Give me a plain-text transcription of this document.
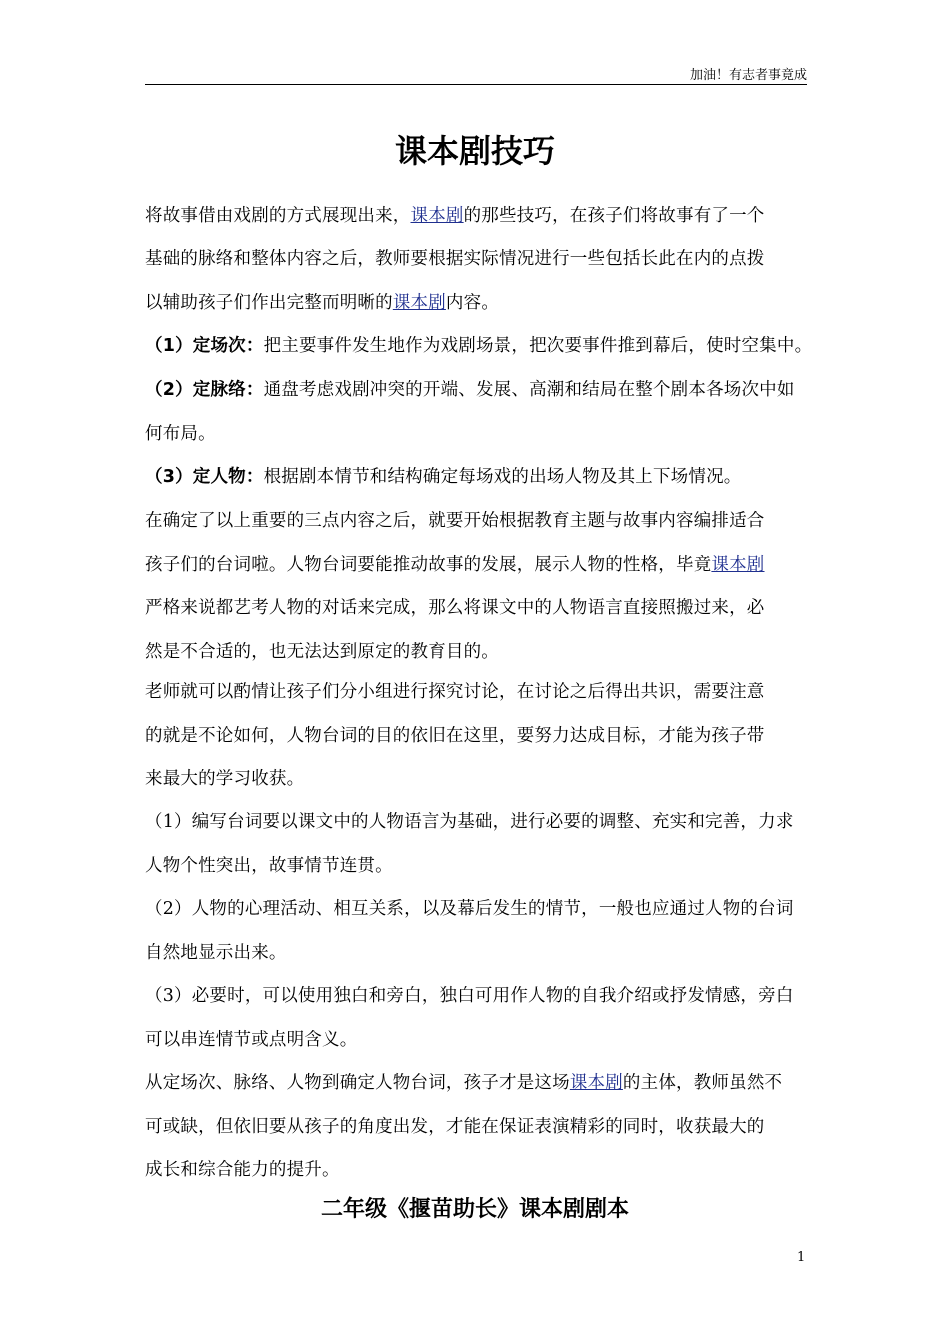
加油！有志者事竟成
课本剧技巧
将故事借由戏剧的方式展现出来，课本剧的那些技巧，在孩子们将故事有了一个
基础的脉络和整体内容之后，教师要根据实际情况进行一些包括长此在内的点拨
以辅助孩子们作出完整而明晰的课本剧内容。
（1）定场次：把主要事件发生地作为戏剧场景，把次要事件推到幕后，使时空集中。
（2）定脉络：通盘考虑戏剧冲突的开端、发展、高潮和结局在整个剧本各场次中如
何布局。
（3）定人物：根据剧本情节和结构确定每场戏的出场人物及其上下场情况。
在确定了以上重要的三点内容之后，就要开始根据教育主题与故事内容编排适合
孩子们的台词啦。人物台词要能推动故事的发展，展示人物的性格，毕竟课本剧
严格来说都艺考人物的对话来完成，那么将课文中的人物语言直接照搬过来，必
然是不合适的，也无法达到原定的教育目的。
老师就可以酌情让孩子们分小组进行探究讨论，在讨论之后得出共识，需要注意
的就是不论如何，人物台词的目的依旧在这里，要努力达成目标，才能为孩子带
来最大的学习收获。
（1）编写台词要以课文中的人物语言为基础，进行必要的调整、充实和完善，力求
人物个性突出，故事情节连贯。
（2）人物的心理活动、相互关系，以及幕后发生的情节，一般也应通过人物的台词
自然地显示出来。
（3）必要时，可以使用独白和旁白，独白可用作人物的自我介绍或抒发情感，旁白
可以串连情节或点明含义。
从定场次、脉络、人物到确定人物台词，孩子才是这场课本剧的主体，教师虽然不
可或缺，但依旧要从孩子的角度出发，才能在保证表演精彩的同时，收获最大的
成长和综合能力的提升。
二年级《揠苗助长》课本剧剧本
1
